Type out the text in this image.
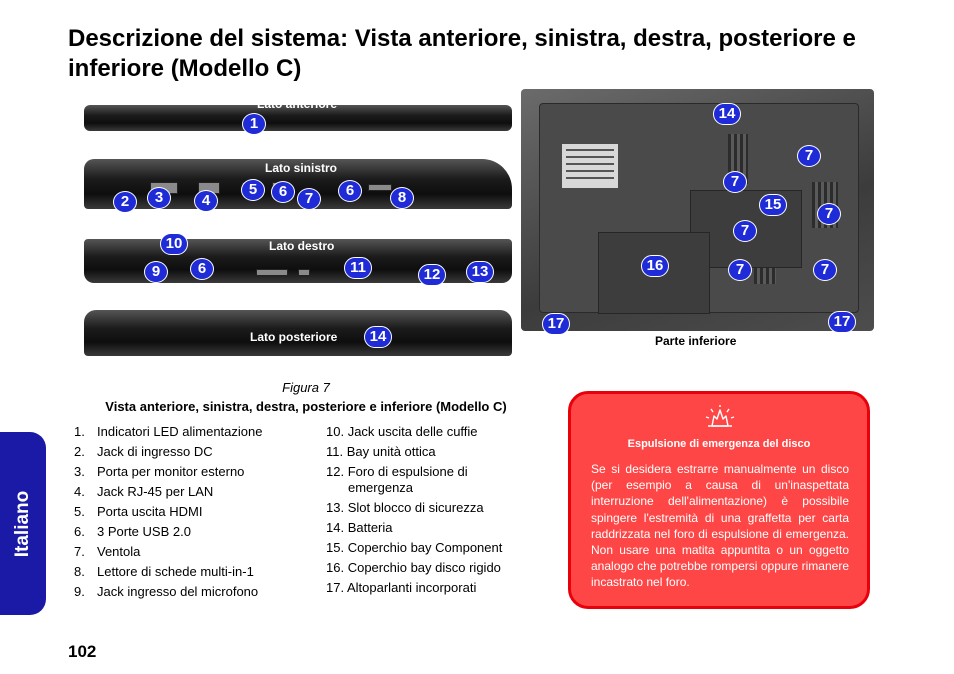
Descrizione del sistema: Vista anteriore, sinistra, destra, posteriore e inferiore (Modello C)
Lato anteriore
1
Lato sinistro
2	3	4
5	6	7	6	8
Lato destro
10
9	6	11	12	13
Lato posteriore	14
14
7
7
15
7
7
16	7	7
17	17
Parte inferiore
Figura 7
Vista anteriore, sinistra, destra, posteriore e inferiore (Modello C)
1. Indicatori LED alimentazione
2. Jack di ingresso DC
3. Porta per monitor esterno
4. Jack RJ-45 per LAN
5. Porta uscita HDMI
6. 3 Porte USB 2.0
7. Ventola
8. Lettore di schede multi-in-1
9. Jack ingresso del microfono
10. Jack uscita delle cuffie
11. Bay unità ottica
12. Foro di espulsione di emergenza
13. Slot blocco di sicurezza
14. Batteria
15. Coperchio bay Component
16. Coperchio bay disco rigido
17. Altoparlanti incorporati
Espulsione di emergenza del disco
Se si desidera estrarre manualmente un disco (per esempio a causa di un'inaspettata interruzione dell'alimentazione) è possibile spingere l'estremità di una graffetta per carta raddrizzata nel foro di espulsione di emergenza. Non usare una matita appuntita o un oggetto analogo che potrebbe rompersi oppure rimanere incastrato nel foro.
Italiano
102
